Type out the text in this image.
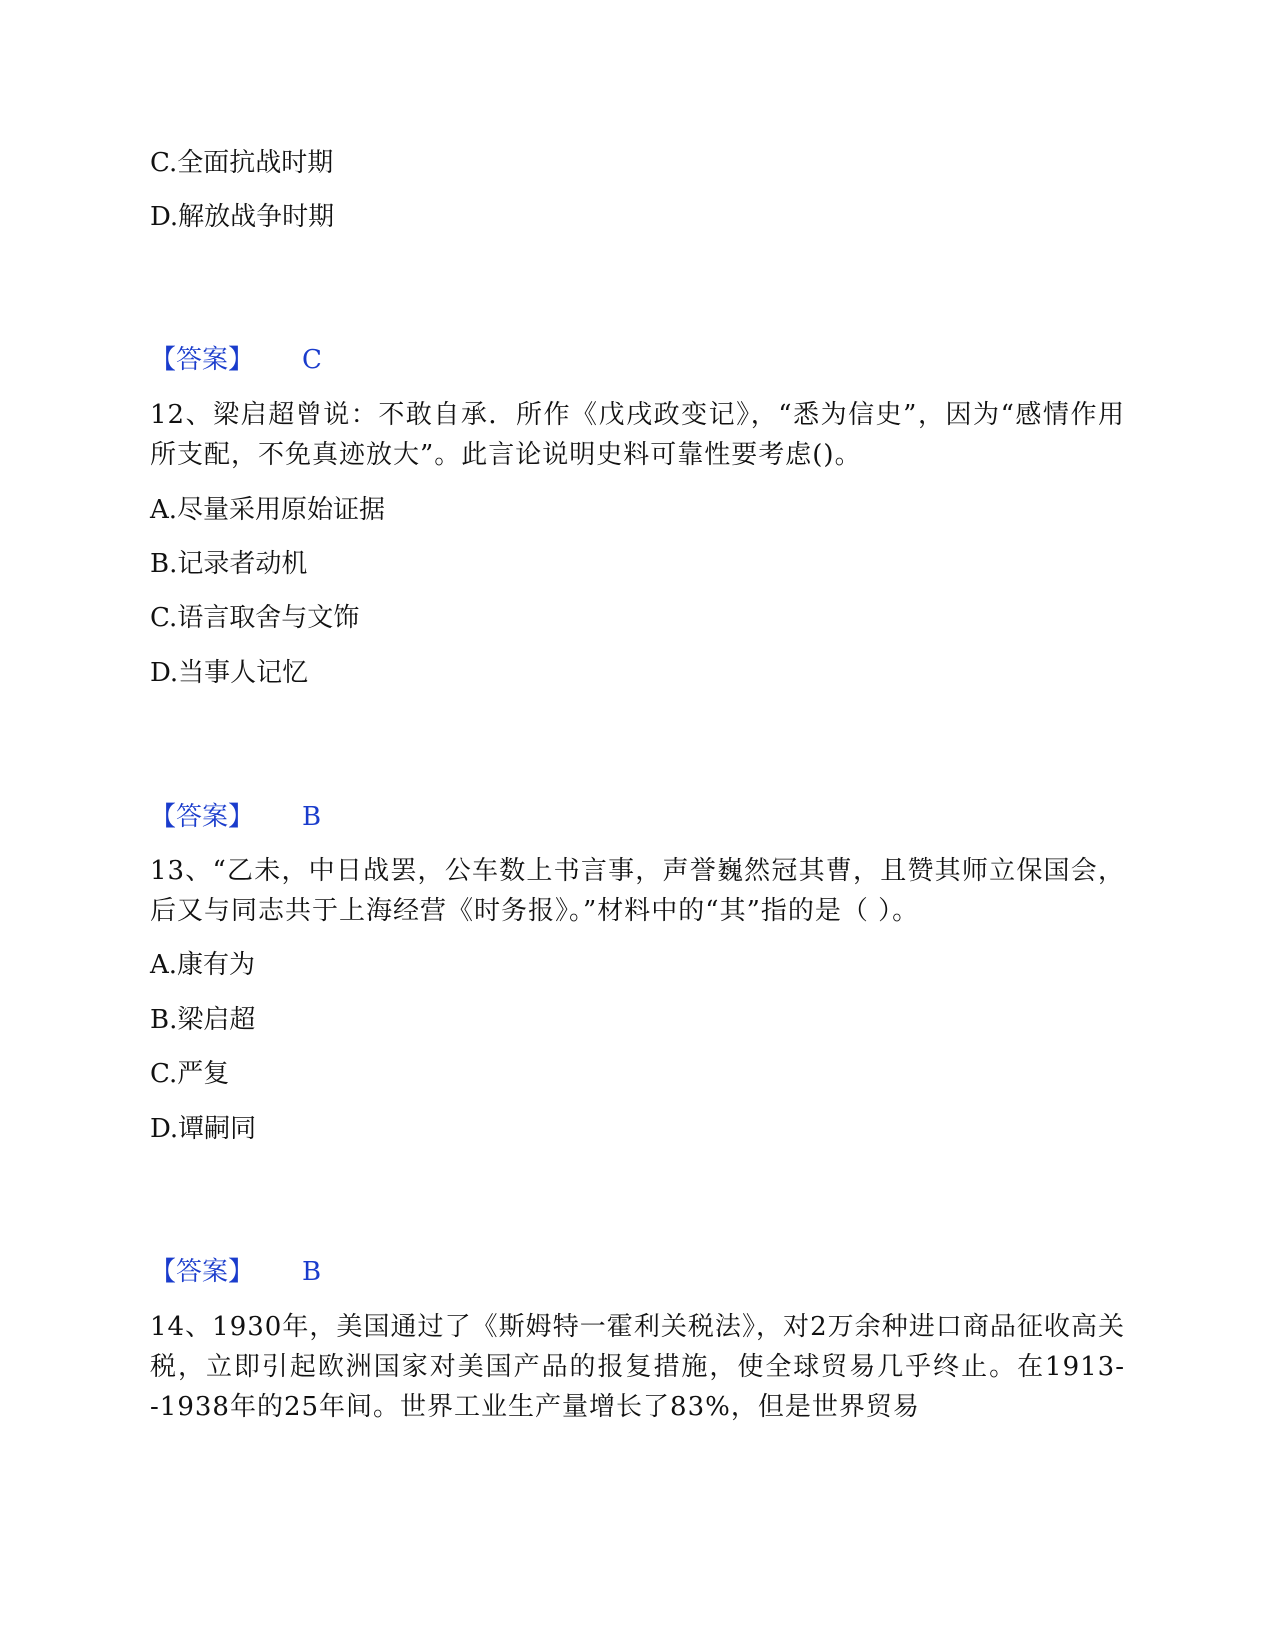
C.全面抗战时期
D.解放战争时期
【答案】 C
12、梁启超曾说：不敢自承．所作《戊戌政变记》，“悉为信史”，因为“感情作用所支配，不免真迹放大”。此言论说明史料可靠性要考虑()。
A.尽量采用原始证据
B.记录者动机
C.语言取舍与文饰
D.当事人记忆
【答案】 B
13、“乙未，中日战罢，公车数上书言事，声誉巍然冠其曹，且赞其师立保国会，后又与同志共于上海经营《时务报》。”材料中的“其”指的是（ ）。
A.康有为
B.梁启超
C.严复
D.谭嗣同
【答案】 B
14、1930年，美国通过了《斯姆特一霍利关税法》，对2万余种进口商品征收高关税，立即引起欧洲国家对美国产品的报复措施，使全球贸易几乎终止。在1913--1938年的25年间。世界工业生产量增长了83%，但是世界贸易
